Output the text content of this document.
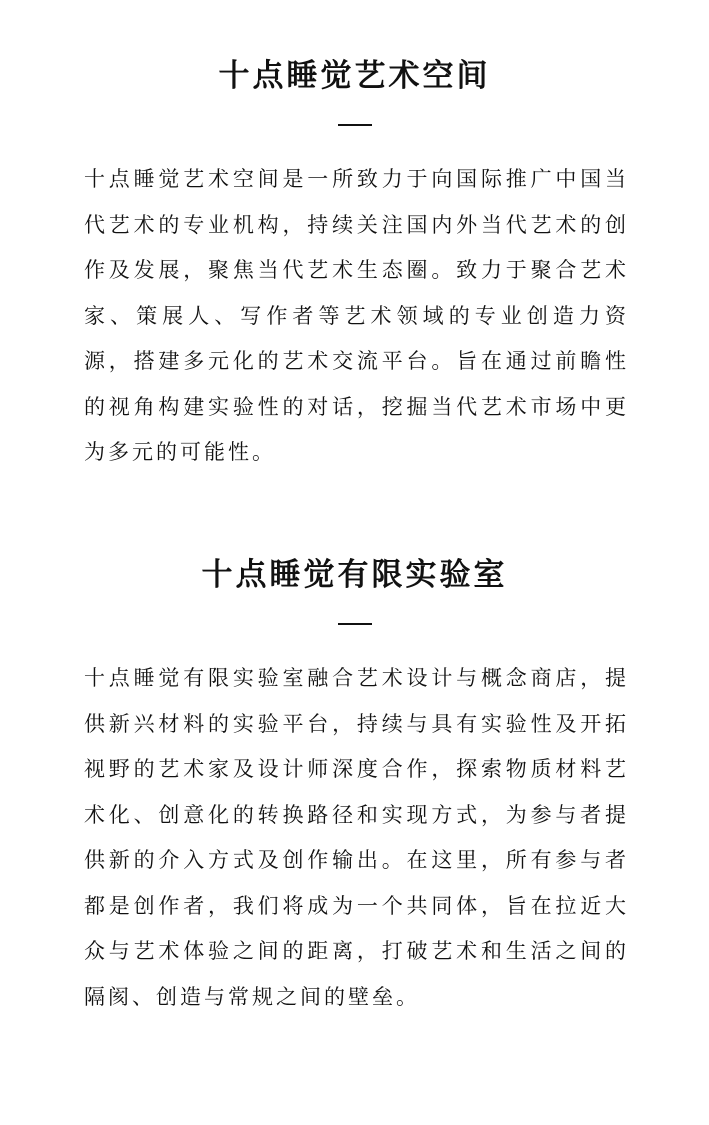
十点睡觉艺术空间

十点睡觉艺术空间是一所致力于向国际推广中国当代艺术的专业机构，持续关注国内外当代艺术的创作及发展，聚焦当代艺术生态圈。致力于聚合艺术家、策展人、写作者等艺术领域的专业创造力资源，搭建多元化的艺术交流平台。旨在通过前瞻性的视角构建实验性的对话，挖掘当代艺术市场中更为多元的可能性。

十点睡觉有限实验室

十点睡觉有限实验室融合艺术设计与概念商店，提供新兴材料的实验平台，持续与具有实验性及开拓视野的艺术家及设计师深度合作，探索物质材料艺术化、创意化的转换路径和实现方式，为参与者提供新的介入方式及创作输出。在这里，所有参与者都是创作者，我们将成为一个共同体，旨在拉近大众与艺术体验之间的距离，打破艺术和生活之间的隔阂、创造与常规之间的壁垒。
